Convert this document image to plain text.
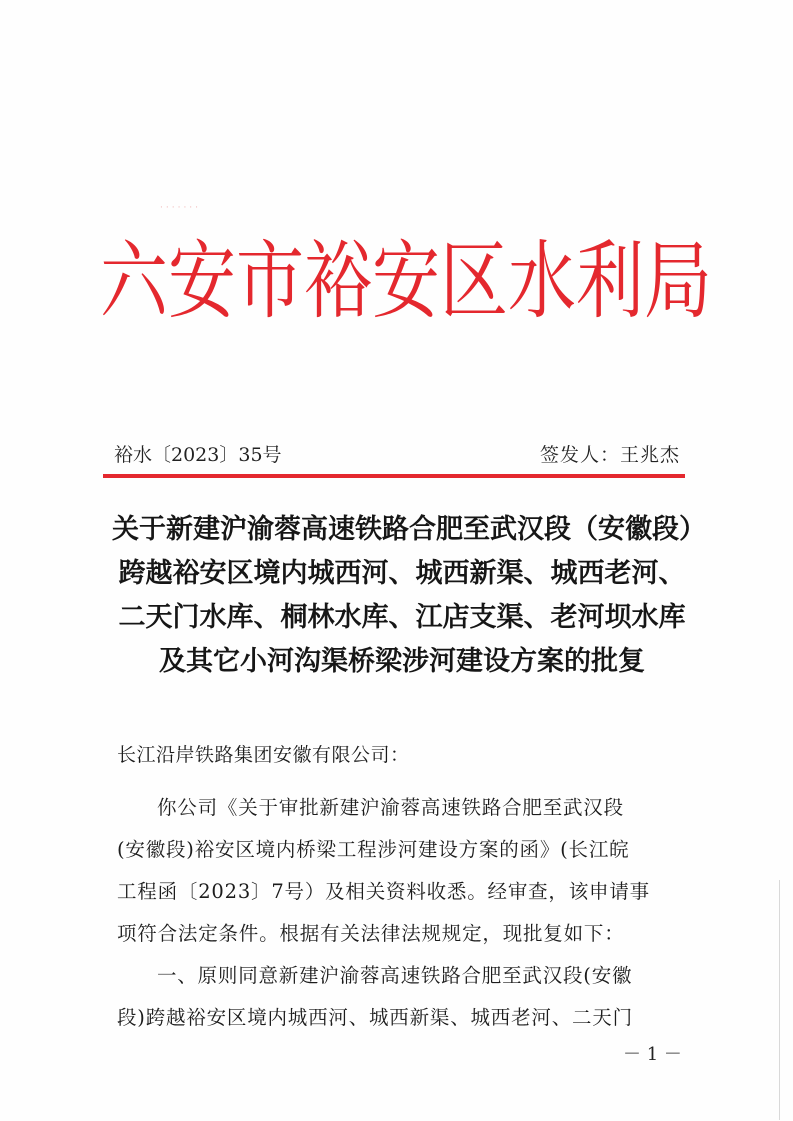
·······
六安市裕安区水利局
裕水〔2023〕35号	签发人：王兆杰
关于新建沪渝蓉高速铁路合肥至武汉段（安徽段）
跨越裕安区境内城西河、城西新渠、城西老河、
二天门水库、桐林水库、江店支渠、老河坝水库
及其它小河沟渠桥梁涉河建设方案的批复
长江沿岸铁路集团安徽有限公司：
你公司《关于审批新建沪渝蓉高速铁路合肥至武汉段
(安徽段)裕安区境内桥梁工程涉河建设方案的函》(长江皖
工程函〔2023〕7号）及相关资料收悉。经审查，该申请事
项符合法定条件。根据有关法律法规规定，现批复如下：
一、原则同意新建沪渝蓉高速铁路合肥至武汉段(安徽
段)跨越裕安区境内城西河、城西新渠、城西老河、二天门
－ 1 －
